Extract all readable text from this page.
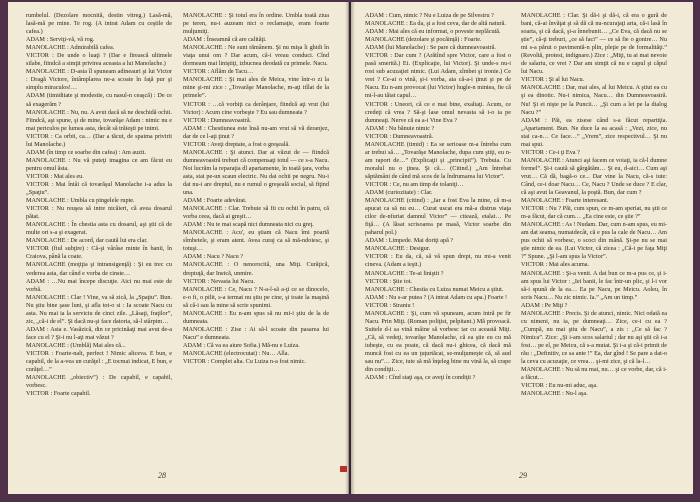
rumbelul. (Dezolare mocnită, destin vitreg.) Lasă-mă, lasă-mă pe mine. Te rog. (A intrat Adam cu ceştile de cafea.)
ADAM : Serviţi-vă, vă rog.
MANOLACHE : Admirabilă cafea.
VICTOR : De unde o luaţi ? (Dar e firească ultimele silabe, fiindcă a simţit privirea aceasta a lui Manolache.)
MANOLACHE : D-asta îl spuneam adineauri şi lui Victor : Dragă Victore, întâmplarea ne-a scoate în faţă pur şi simplu miraculos!…
ADAM (timiditate şi modestie, cu nasul-n ceaşcă) : De ce să exagerăm ?
MANOLACHE : Nu, nu. A avut dacă să ne deschidă ochii. Fiindcă, aşi spune, şi de mine, tovarăşe Adam : nimic nu e mai periculos pe lumea asta, decât să trăieşti pe inimi.
VICTOR : Ca orbii, ca… (Dar a tăcut, de spaima privirii lui Manolache.)
ADAM (în timp ce soarbe din cafea) : Am auzit.
MANOLACHE : Nu vă puteţi imagina ce am făcut eu pentru omul ăsta.
VICTOR : Mai ales eu.
VICTOR : Mai întâi că tovarăşul Manolache i-a adus la „Spaţiu”.
MANOLACHE : Umbla cu pingelele rupte.
VICTOR : Nu reuşea să intre nicăieri, că avea dosarul pătat.
MANOLACHE : În chestia asta cu dosarul, aşi ştii că de multe ori s-a şi exagerat.
MANOLACHE : De acord, dar caută lui era clar.
VICTOR (fiul subţire) : Că-şi vârâse minte în banii, în Craiova, până la coate.
MANOLACHE (moţiţia şi intransigenţă) : Şi eu trec cu vederea asta, dar când e vorba de cinste…
ADAM : …Nu mai începe discuţie. Aici nu mai este de vorbă.
MANOLACHE : Clar ! Vine, va să zică, la „Spaţiu”. Bun. Nu ştiu bine şase luni, şi afla tot-o si : Ia scoate Nacu cu asta. Nu mai ia la serviciu de cinci zile. „Lăsaţi, fraţilor”, zic, „că-i de el”. Şi dacă nu-şi face datoria, să-l stârpim…
ADAM : Asta e. Vasăzică, din ce pricinăaţi mai avut de-a face cu el ? Şi-i nu l-aţi mai văzut ?
MANOLACHE : (Umblă) Mai ales că...
VICTOR : Foarte-nalt, perfect ! Nimic altceva. E bun, e capabil, de la a-vea un curăţel : „E tocmai indicat, E bun, e curăţel…”
MANOLACHE „obiectiv”) : De capabil, e capabil, vorbesc.
VICTOR : Foarte capabil.

MANOLACHE : Şi totul era în ordine. Umbla toată ziua pe teren, nu-i auzeam nici o reclamaţie, eram foarte mulţumiţi.
ADAM : Înseamnă că are calităţi.
MANOLACHE : Ne sunt rămânem. Şi nu mişa îi ghidi în viaţa unui om ? Dar acum, că-i vreau conduci. Cînd dormeam mai liniştiţi, izbucnea deodată cu primele. Nacu.
VICTOR : Aflăm de Tacu…
MANOLACHE : Şi mai ales de Meica, vine într-o zi la mine şi-mi zice : „Tovarăşe Manolache, m-aţi itîlat de la primele”.
VICTOR : …că vorbiţi ca derânjare, fiindcă aţi vrut (lui Victor) : Acum cine vorbeşte ? Eu sau dumneata ?
VICTOR : Dumneavoastră.
ADAM : Chestiunea este însă nu-am vrut să vă deranjez, dar de ce l-aţi ţinut ?
VICTOR : Aveţi dreptate, a fost o greşeală.
MANOLACHE : Şi atunci. Dar ai văzut de — fiindcă dumneavoastră treburi că compensaţi totul — ce s-a Nacu. Noi lucrăm la reparaţia dl apartamente, în toată ţara, vorba asta, stai pe-un scaun electric. Nu dai ochii pe negru. Nu-i dat nu-i are dreptul, nu e rumul o greşeală social, să fiţind una.
ADAM : Foarte adevărat.
MANOLACHE : Clar. Trebuie să fii cu ochii în patru, că vorba ceea, dacă ai greşit…
ADAM : Nu te mai scapă nici dumneata nici cu greţ.
MANOLACHE : Acu', eu ştiam că Nacu îmi poartă sîmbetele, şi eram atent. Avea curaj ca să mă-ndoiesc, şi totuşi…
ADAM : Nacu ? Nacu ?
MANOLACHE : O nenorocită, una Miţi. Curăţică, dreptuţă, dar Ineică, unmire.
VICTOR : Nevasta lui Nacu.
MANOLACHE : Ce, Nacu ? N-a-l-să a-ţi ce se dinocelo, e-o fi, o pilit, s-a termat nu ştiu pe cine, şi toate la maşină să că-i sau la mine să scrie spunimi.
MANOLACHE : Eu n-am spus să nu mi-i ştiu de la de dumneata.
MANOLACHE : Zise : Ai să-l scoate din pasarea lui Nacu” e dumneata.
ADAM : Că va ea aiure Sofia.) Mă-nu e Luiza.
MANOLACHE (electrocutat) : Nu… Alla.
VICTOR : Complet alta. Cu Luiza n-a fost nimic.

28

ADAM : Cum, nimic ? Nu e Luiza de pe Silvestru ?
MANOLACHE : Ea da, şi a fost ceva, dar de altă natură.
ADAM : Mai ales că eu informat, o poveste neplăcută.
MANOLACHE (dezolare şi pocăinţă) : Foarte.
ADAM (lui Manolache) : Se pare că dumneavoastră.
VICTOR : Dar cum ? (Arătînd spre Victor, care a fost o pasă smerită.) Ei. (Explicaţie, lui Victor). Şi unde-s nu-i rost sub acuzaţiei nimic. (Lui Adam, zîmbet şi ironie.) Ce vrei ? Ce-ai o vină, şi-i vorba, aia că-a-i ţinut şi pe de Nacu. Eu n-am provocat (lui Victor) hugle-n mintea, fie că mi-l-au tăiat capul…
VICTOR : Uneori, că ce e mai bine, exaltaţi. Acum, ce credeţi că vrea ? Să-şi lase omul nevasta să i-o ia pe dumneaţi. Nerve că ea a-i Vine Eva ?
ADAM : Nu bănuie nimic ?
VICTOR : Dumneavoastră.
MANOLACHE (timid) : Ea se serioase m-a întreba cum ar trebui să… „Tovarăşe Manolache, dupa cum ştiţi, eu n-am raport de…” (Explicaţii şi „principii”). Trebuia. Cu moralul nu o ţinea. Şi că… (Citind.) „Am întrebat săptămâni de când mă scos de la îndrumarea lui Victor”.
VICTOR : Ce, nu am timp de tolaniţi…
ADAM (curiozitate) : Clar.
MANOLACHE (citind) : „Iar a fost Eva la mine, că m-a apucat ca să nu eu… Curat uscat era mă-a distrus viaţa cilor de-nfuriat damnul Victor” — citează, etalat… Pe fiţă… (A lăsat scrisoarea pe masă, Victor soarbe din paharul pol.)
ADAM : Limpede. Mai doriţi apă ?
MANOLACHE : Desigur.
VICTOR : Eu da, că, să vă spun drept, nu mi-a venit cineva. (Adam a ieşit.)
MANOLACHE : Te-ai liniştit ?
VICTOR : Ştie tot.
MANOLACHE : Chestia cu Luiza numai Meicu a ştiut.
ADAM : Nu s-ar putea ? (A intrat Adam cu apa.) Foarte !
VICTOR : Straniu !
MANOLACHE : Şi, cum vă spuneam, acum intră pe fir Nacu. Prin Miţi. (Roman poliţist, pelpitant.) Mă provoacă. Suitele d-i sa vină mâine să vorbesc iar cu această Miţi. „Că, să vedeţi, tovarăşe Manolache, că ea ştie eu cu mă iubeşte, cu ea poate, că dacă nu-i ghicea, că dacă mă muncă fost cu ea un ţuţurtăcat, se-mulţumeşte că, să aud sau nu”… Zice, iute să mă înţeleg bine nu vină la, să crape din condiţii…
ADAM : Cînd staţi aşa, ce aveţi în condiţii ?

MANOLACHE : Clar. Şi dă-i şi dă-i, că era o gură de bani, că-ai învăţat şi să dă că nu-ncurajaţi arta, că-i lasă în soarta, şi că dacă, şi-a înnebunit… „Ce Eva, că dacă nu se ştie”, că-ţi treburi, „ce să faci” — ce să fie o gonire… Nu mi s-a părut o pavimentă-n plin, pleţie pe de formalităţi.” (Revoltă, protest, indignare.) Zice : „Miţi, tu ai mai nevoie de salariu, ce vrei ? Dar am simţit că nu e capul şi căpul lui Nacu.
VICTOR : Şi al lui Nacu.
MANOLACHE : Dar, mai ales, al lui Meicu. A ştiut ea cu şi ea dinotic. Nu-i nimica, Nacu… din Dumneavoastră. Nu! Şi ei nişte pe la Puncii… „Şi cum a lei pe la dialog Nacu ?”
ADAM : Păi, ea zisese când s-a făcut repartiţia. „Apartament. Bun. Ne duce la ea acasă : „Vezi, zice, nu stai ca-n… Ce face…” „Vrem”, zice respectivul… Şi nu mai spui.
VICTOR : Ce-i ţi Eva ?
MANOLACHE : Atunci aşi facem ce voiaţi, ia că-l dumne formel”. Şi-i caută să gărgătăm… Şi eu, d-aici… Cum aşi vrut… Că dă, bagă-o ce... Dar vine la Nacu, că-s iute: Când, ce-i doar Nacu… Ce, Nacu ? Unde se duce ? E clar, că aşi avut la Geavanul, la poştă. Bun, dar cum ?
MANOLACHE : Foarte interesant.
VICTOR : Nu ? Păi, cum spun, ce m-am speriat, nu ştii ce m-a făcut, dar că cum… „Ea cine este, ce ştie ?”
MANOLACHE : As ! Nudam. Dar, cum n-am spus, eu mi-am dat seama, numaidecât, că e pus la cale de Nacu… Am pus ochii să vorbesc, o scoci din mână. Şi-pe nu se mai ştie nimic de ea. (Lui Victor, că zicea : „Că-i pe faţa Miţi ?” Spune. „Şi l-am spus la Victor”.
VICTOR : Mai ales acuma.
MANOLACHE : Şi-a venit. A dat bun ce m-a pus ce, şi i-am spus lui Victor : „Iei banii, le fac într-un plic, şi l-i vor să-i spună de la ea… Ea pe Nacu, pe Meicu. Aoleu, în scris Nacu… Nu zic nimic. Ia.” „Am un timp.”
ADAM : Pe Miţi ?
MANOLACHE : Precis. Şi de atunci, nimic. Nici odată ea cu nimeni, nu ia, pe dumneaţi… Zice, ce-i cu ea ? „Cumpă, nu mai ştiu de Nacu”, a zis : „Ce să fac ? Nimica”. Zice: „Şi i-am scos salariul ; dar nu aşi ştii că i-a fost… pe el, pe Meicu, că s-a mutat. Şi i-a şi că-i primit de rău : „Definitiv, ce sa ante !” Ea, dar gînd ! Se pare a dat-o la ceva cu acuzaţie, ce vrea… şi-mi zice, şi că la-l…
MANOLACHE : Nu să nu mai, nu… şi ce vorbe, dar, că i-a făcut…
VICTOR : Eu nu-mi aduc, aşa.
MANOLACHE : Nu-l aşa.

29
